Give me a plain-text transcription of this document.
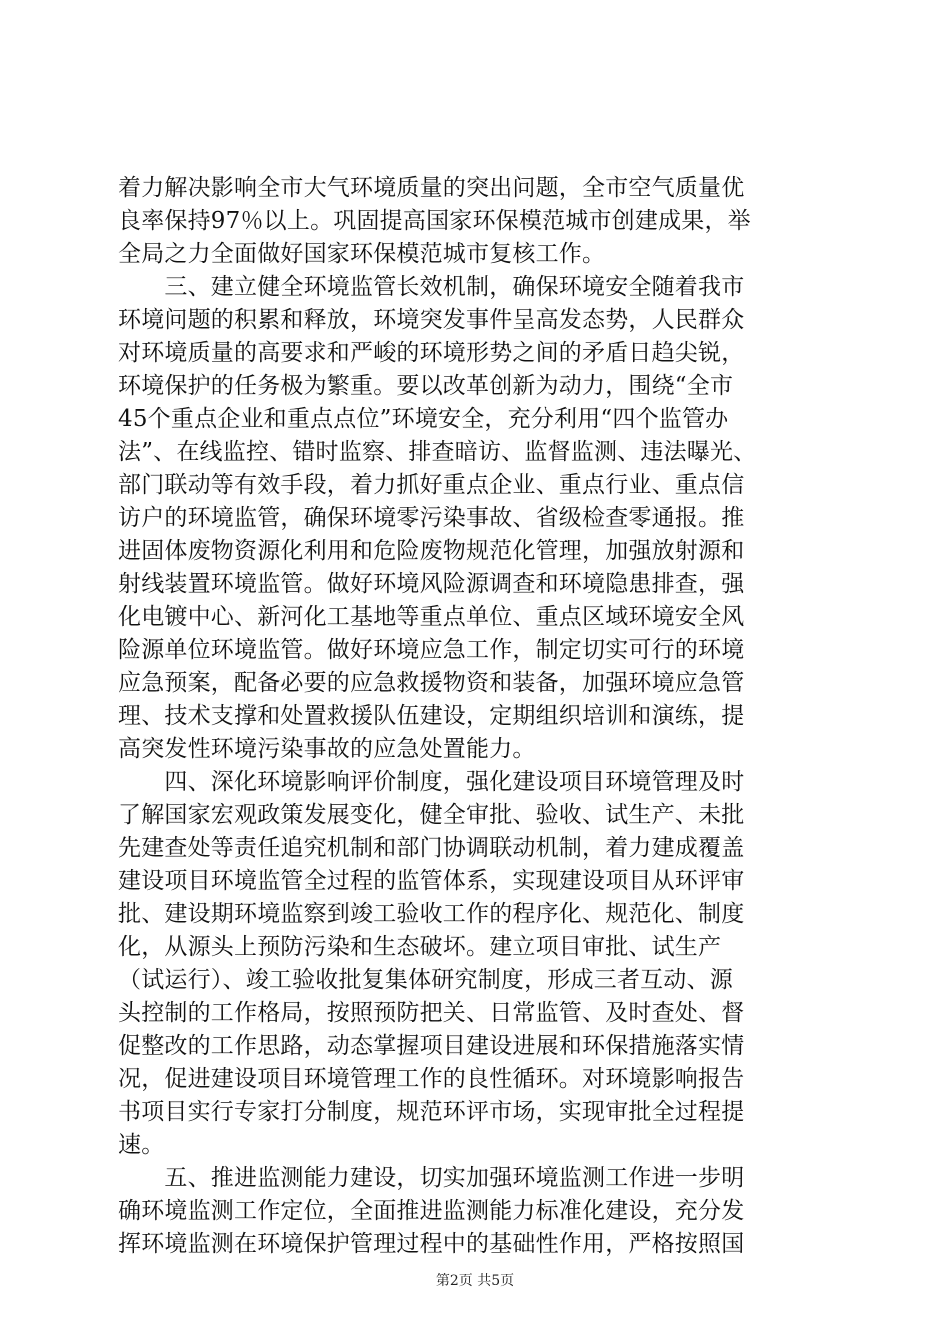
着力解决影响全市大气环境质量的突出问题，全市空气质量优
良率保持97％以上。巩固提高国家环保模范城市创建成果，举
全局之力全面做好国家环保模范城市复核工作。
　　三、建立健全环境监管长效机制，确保环境安全随着我市
环境问题的积累和释放，环境突发事件呈高发态势，人民群众
对环境质量的高要求和严峻的环境形势之间的矛盾日趋尖锐，
环境保护的任务极为繁重。要以改革创新为动力，围绕“全市
45个重点企业和重点点位”环境安全，充分利用“四个监管办
法”、在线监控、错时监察、排查暗访、监督监测、违法曝光、
部门联动等有效手段，着力抓好重点企业、重点行业、重点信
访户的环境监管，确保环境零污染事故、省级检查零通报。推
进固体废物资源化利用和危险废物规范化管理，加强放射源和
射线装置环境监管。做好环境风险源调查和环境隐患排查，强
化电镀中心、新河化工基地等重点单位、重点区域环境安全风
险源单位环境监管。做好环境应急工作，制定切实可行的环境
应急预案，配备必要的应急救援物资和装备，加强环境应急管
理、技术支撑和处置救援队伍建设，定期组织培训和演练，提
高突发性环境污染事故的应急处置能力。
　　四、深化环境影响评价制度，强化建设项目环境管理及时
了解国家宏观政策发展变化，健全审批、验收、试生产、未批
先建查处等责任追究机制和部门协调联动机制，着力建成覆盖
建设项目环境监管全过程的监管体系，实现建设项目从环评审
批、建设期环境监察到竣工验收工作的程序化、规范化、制度
化，从源头上预防污染和生态破坏。建立项目审批、试生产
（试运行）、竣工验收批复集体研究制度，形成三者互动、源
头控制的工作格局，按照预防把关、日常监管、及时查处、督
促整改的工作思路，动态掌握项目建设进展和环保措施落实情
况，促进建设项目环境管理工作的良性循环。对环境影响报告
书项目实行专家打分制度，规范环评市场，实现审批全过程提
速。
　　五、推进监测能力建设，切实加强环境监测工作进一步明
确环境监测工作定位，全面推进监测能力标准化建设，充分发
挥环境监测在环境保护管理过程中的基础性作用，严格按照国
第2页 共5页
